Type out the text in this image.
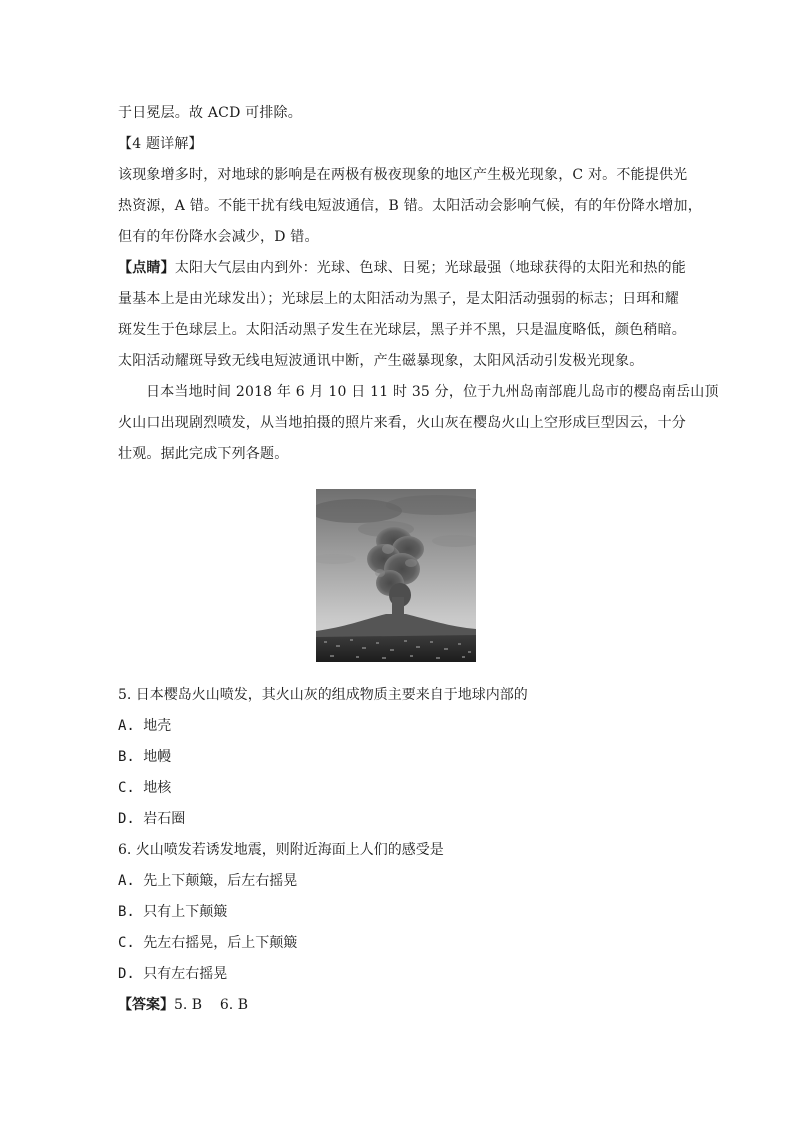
于日冕层。故 ACD 可排除。
【4 题详解】
该现象增多时，对地球的影响是在两极有极夜现象的地区产生极光现象，C 对。不能提供光
热资源，A 错。不能干扰有线电短波通信，B 错。太阳活动会影响气候，有的年份降水增加，
但有的年份降水会减少，D 错。
【点睛】太阳大气层由内到外：光球、色球、日冕；光球最强（地球获得的太阳光和热的能
量基本上是由光球发出）；光球层上的太阳活动为黑子，是太阳活动强弱的标志；日珥和耀
斑发生于色球层上。太阳活动黑子发生在光球层，黑子并不黑，只是温度略低，颜色稍暗。
太阳活动耀斑导致无线电短波通讯中断，产生磁暴现象，太阳风活动引发极光现象。
日本当地时间 2018 年 6 月 10 日 11 时 35 分，位于九州岛南部鹿儿岛市的樱岛南岳山顶
火山口出现剧烈喷发，从当地拍摄的照片来看，火山灰在樱岛火山上空形成巨型因云，十分
壮观。据此完成下列各题。
5. 日本樱岛火山喷发，其火山灰的组成物质主要来自于地球内部的
A. 地壳
B. 地幔
C. 地核
D. 岩石圈
6. 火山喷发若诱发地震，则附近海面上人们的感受是
A. 先上下颠簸，后左右摇晃
B. 只有上下颠簸
C. 先左右摇晃，后上下颠簸
D. 只有左右摇晃
【答案】5. B    6. B
